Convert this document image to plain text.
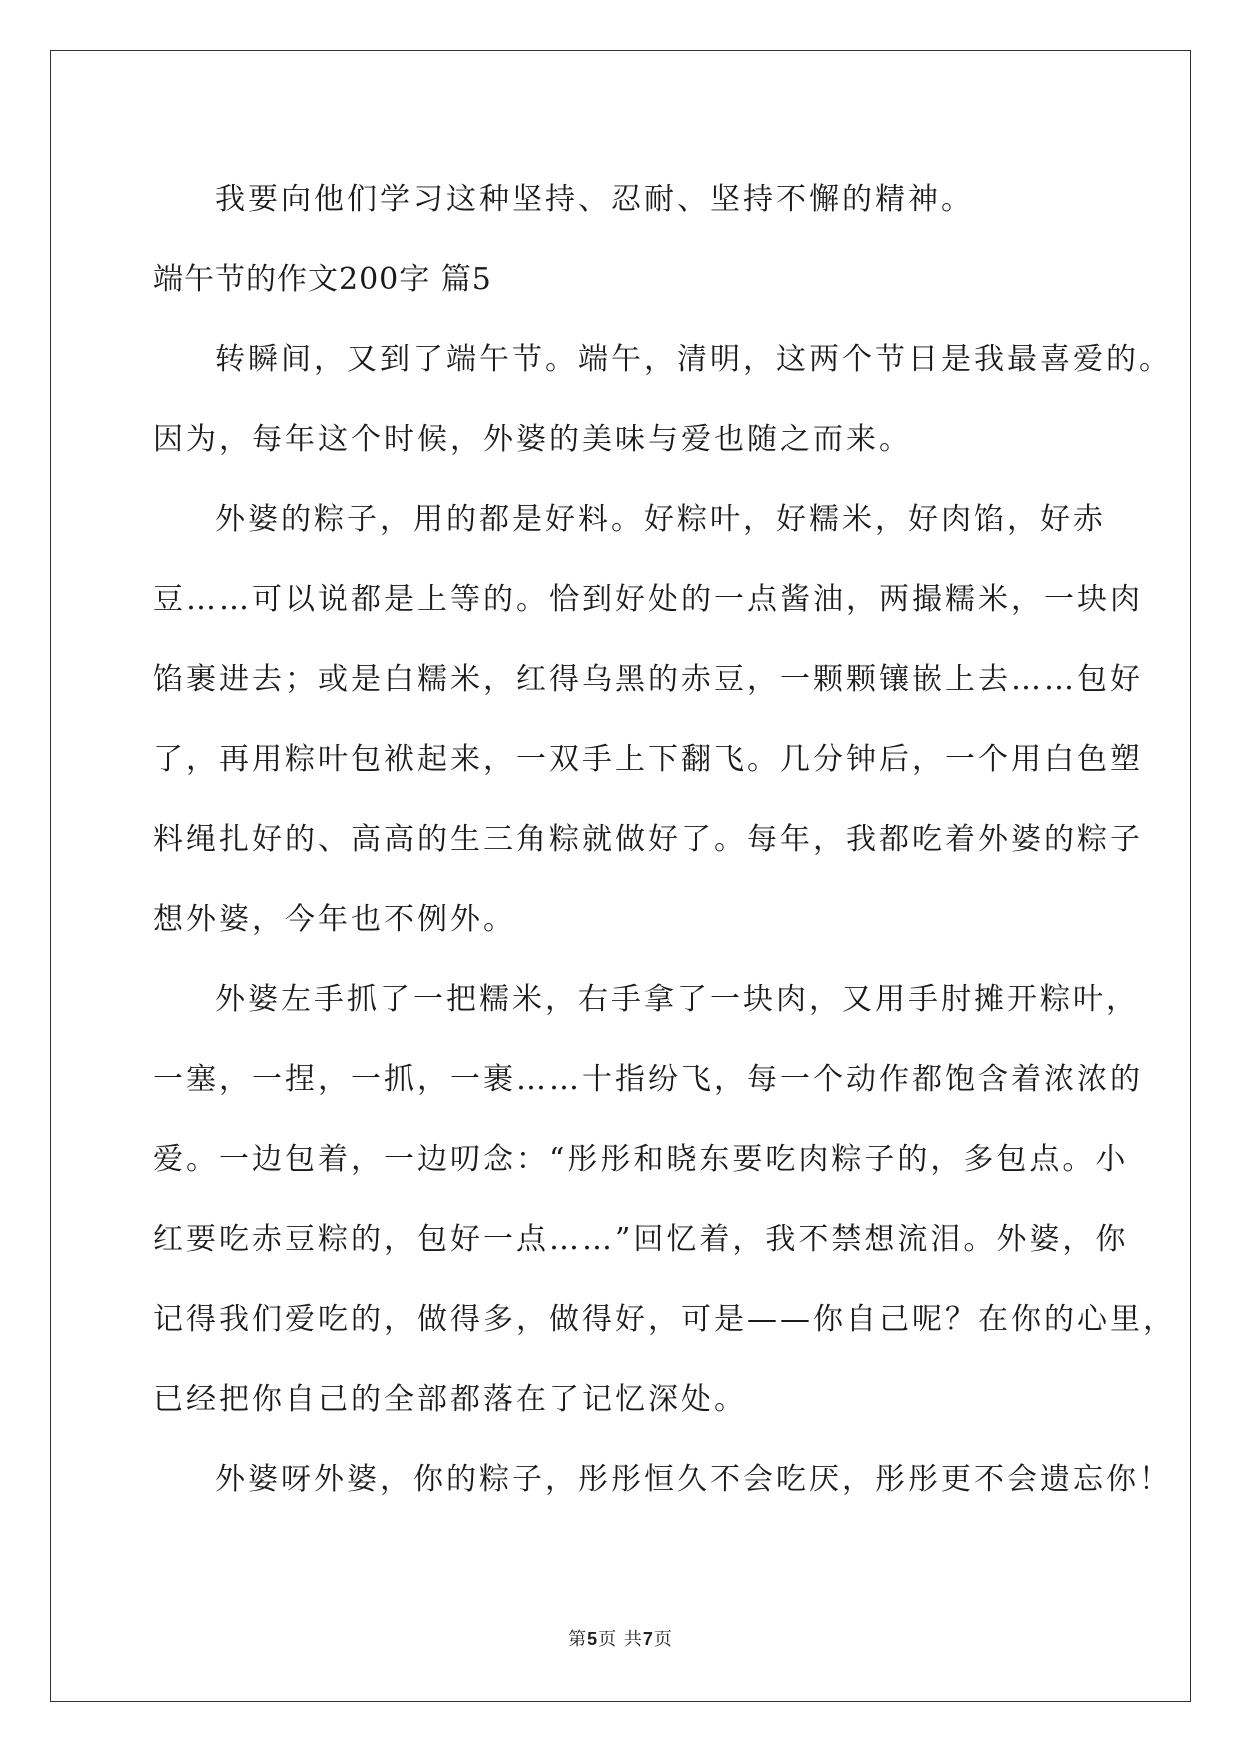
我要向他们学习这种坚持、忍耐、坚持不懈的精神。
端午节的作文200字 篇5
转瞬间，又到了端午节。端午，清明，这两个节日是我最喜爱的。
因为，每年这个时候，外婆的美味与爱也随之而来。
外婆的粽子，用的都是好料。好粽叶，好糯米，好肉馅，好赤
豆……可以说都是上等的。恰到好处的一点酱油，两撮糯米，一块肉
馅裹进去；或是白糯米，红得乌黑的赤豆，一颗颗镶嵌上去……包好
了，再用粽叶包袱起来，一双手上下翻飞。几分钟后，一个用白色塑
料绳扎好的、高高的生三角粽就做好了。每年，我都吃着外婆的粽子
想外婆，今年也不例外。
外婆左手抓了一把糯米，右手拿了一块肉，又用手肘摊开粽叶，
一塞，一捏，一抓，一裹……十指纷飞，每一个动作都饱含着浓浓的
爱。一边包着，一边叨念：“彤彤和晓东要吃肉粽子的，多包点。小
红要吃赤豆粽的，包好一点……”回忆着，我不禁想流泪。外婆，你
记得我们爱吃的，做得多，做得好，可是——你自己呢？在你的心里，
已经把你自己的全部都落在了记忆深处。
外婆呀外婆，你的粽子，彤彤恒久不会吃厌，彤彤更不会遗忘你！
第5页 共7页
